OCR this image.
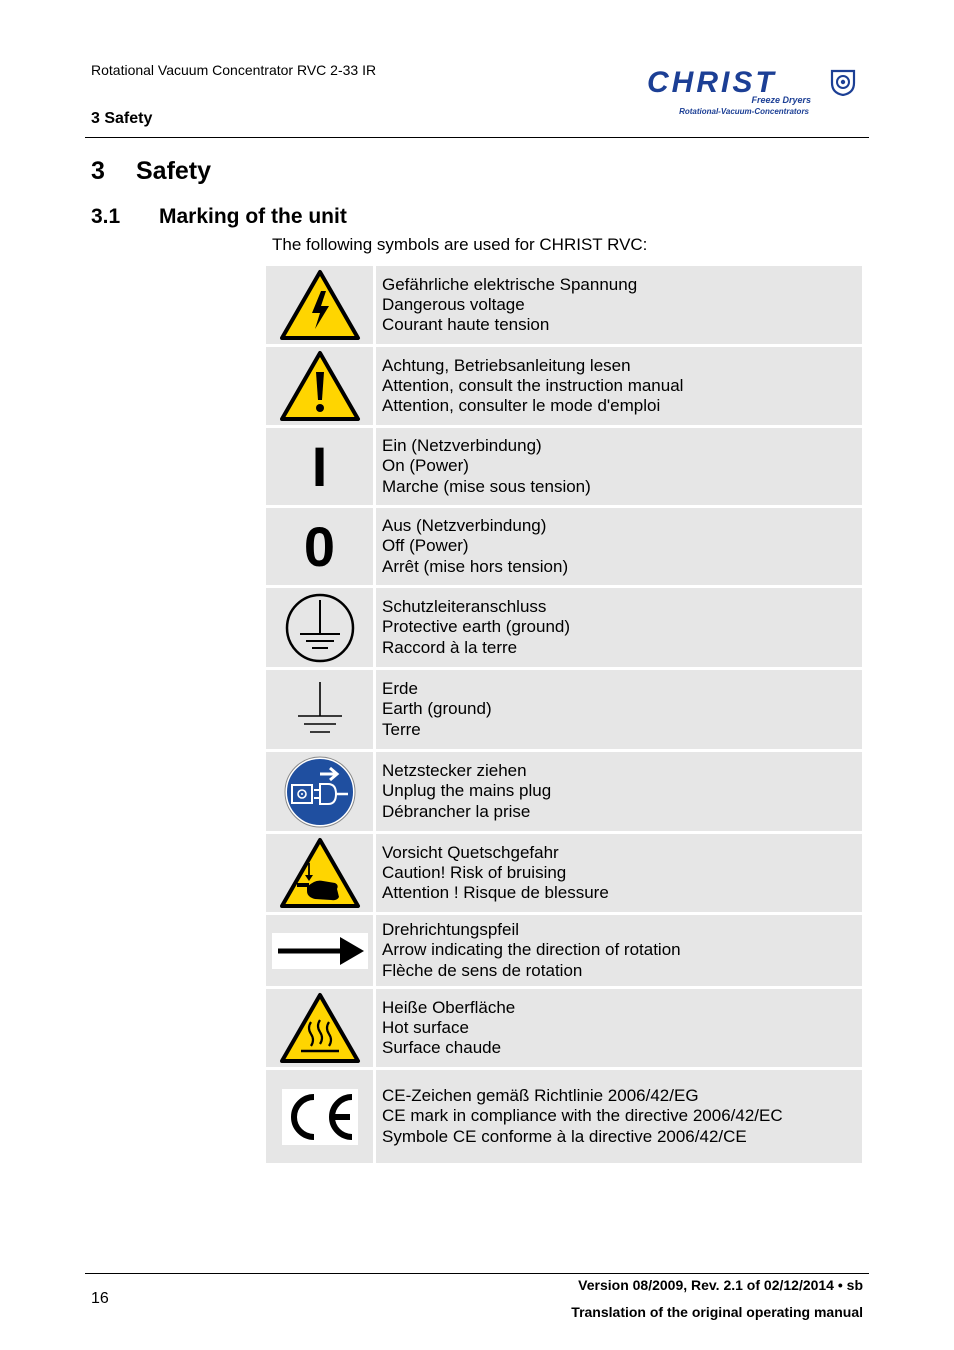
Rotational Vacuum Concentrator RVC 2-33 IR
3 Safety
CHRIST
Freeze Dryers
Rotational-Vacuum-Concentrators
3 Safety
3.1 Marking of the unit
The following symbols are used for CHRIST RVC:
Gefährliche elektrische Spannung
Dangerous voltage
Courant haute tension
Achtung, Betriebsanleitung lesen
Attention, consult the instruction manual
Attention, consulter le mode d'emploi
I	Ein (Netzverbindung)
On (Power)
Marche (mise sous tension)
0	Aus (Netzverbindung)
Off (Power)
Arrêt (mise hors tension)
Schutzleiteranschluss
Protective earth (ground)
Raccord à la terre
Erde
Earth (ground)
Terre
Netzstecker ziehen
Unplug the mains plug
Débrancher la prise
Vorsicht Quetschgefahr
Caution! Risk of bruising
Attention ! Risque de blessure
Drehrichtungspfeil
Arrow indicating the direction of rotation
Flèche de sens de rotation
Heiße Oberfläche
Hot surface
Surface chaude
CE-Zeichen gemäß Richtlinie 2006/42/EG
CE mark in compliance with the directive 2006/42/EC
Symbole CE conforme à la directive 2006/42/CE
16
Version 08/2009, Rev. 2.1 of 02/12/2014 • sb
Translation of the original operating manual
